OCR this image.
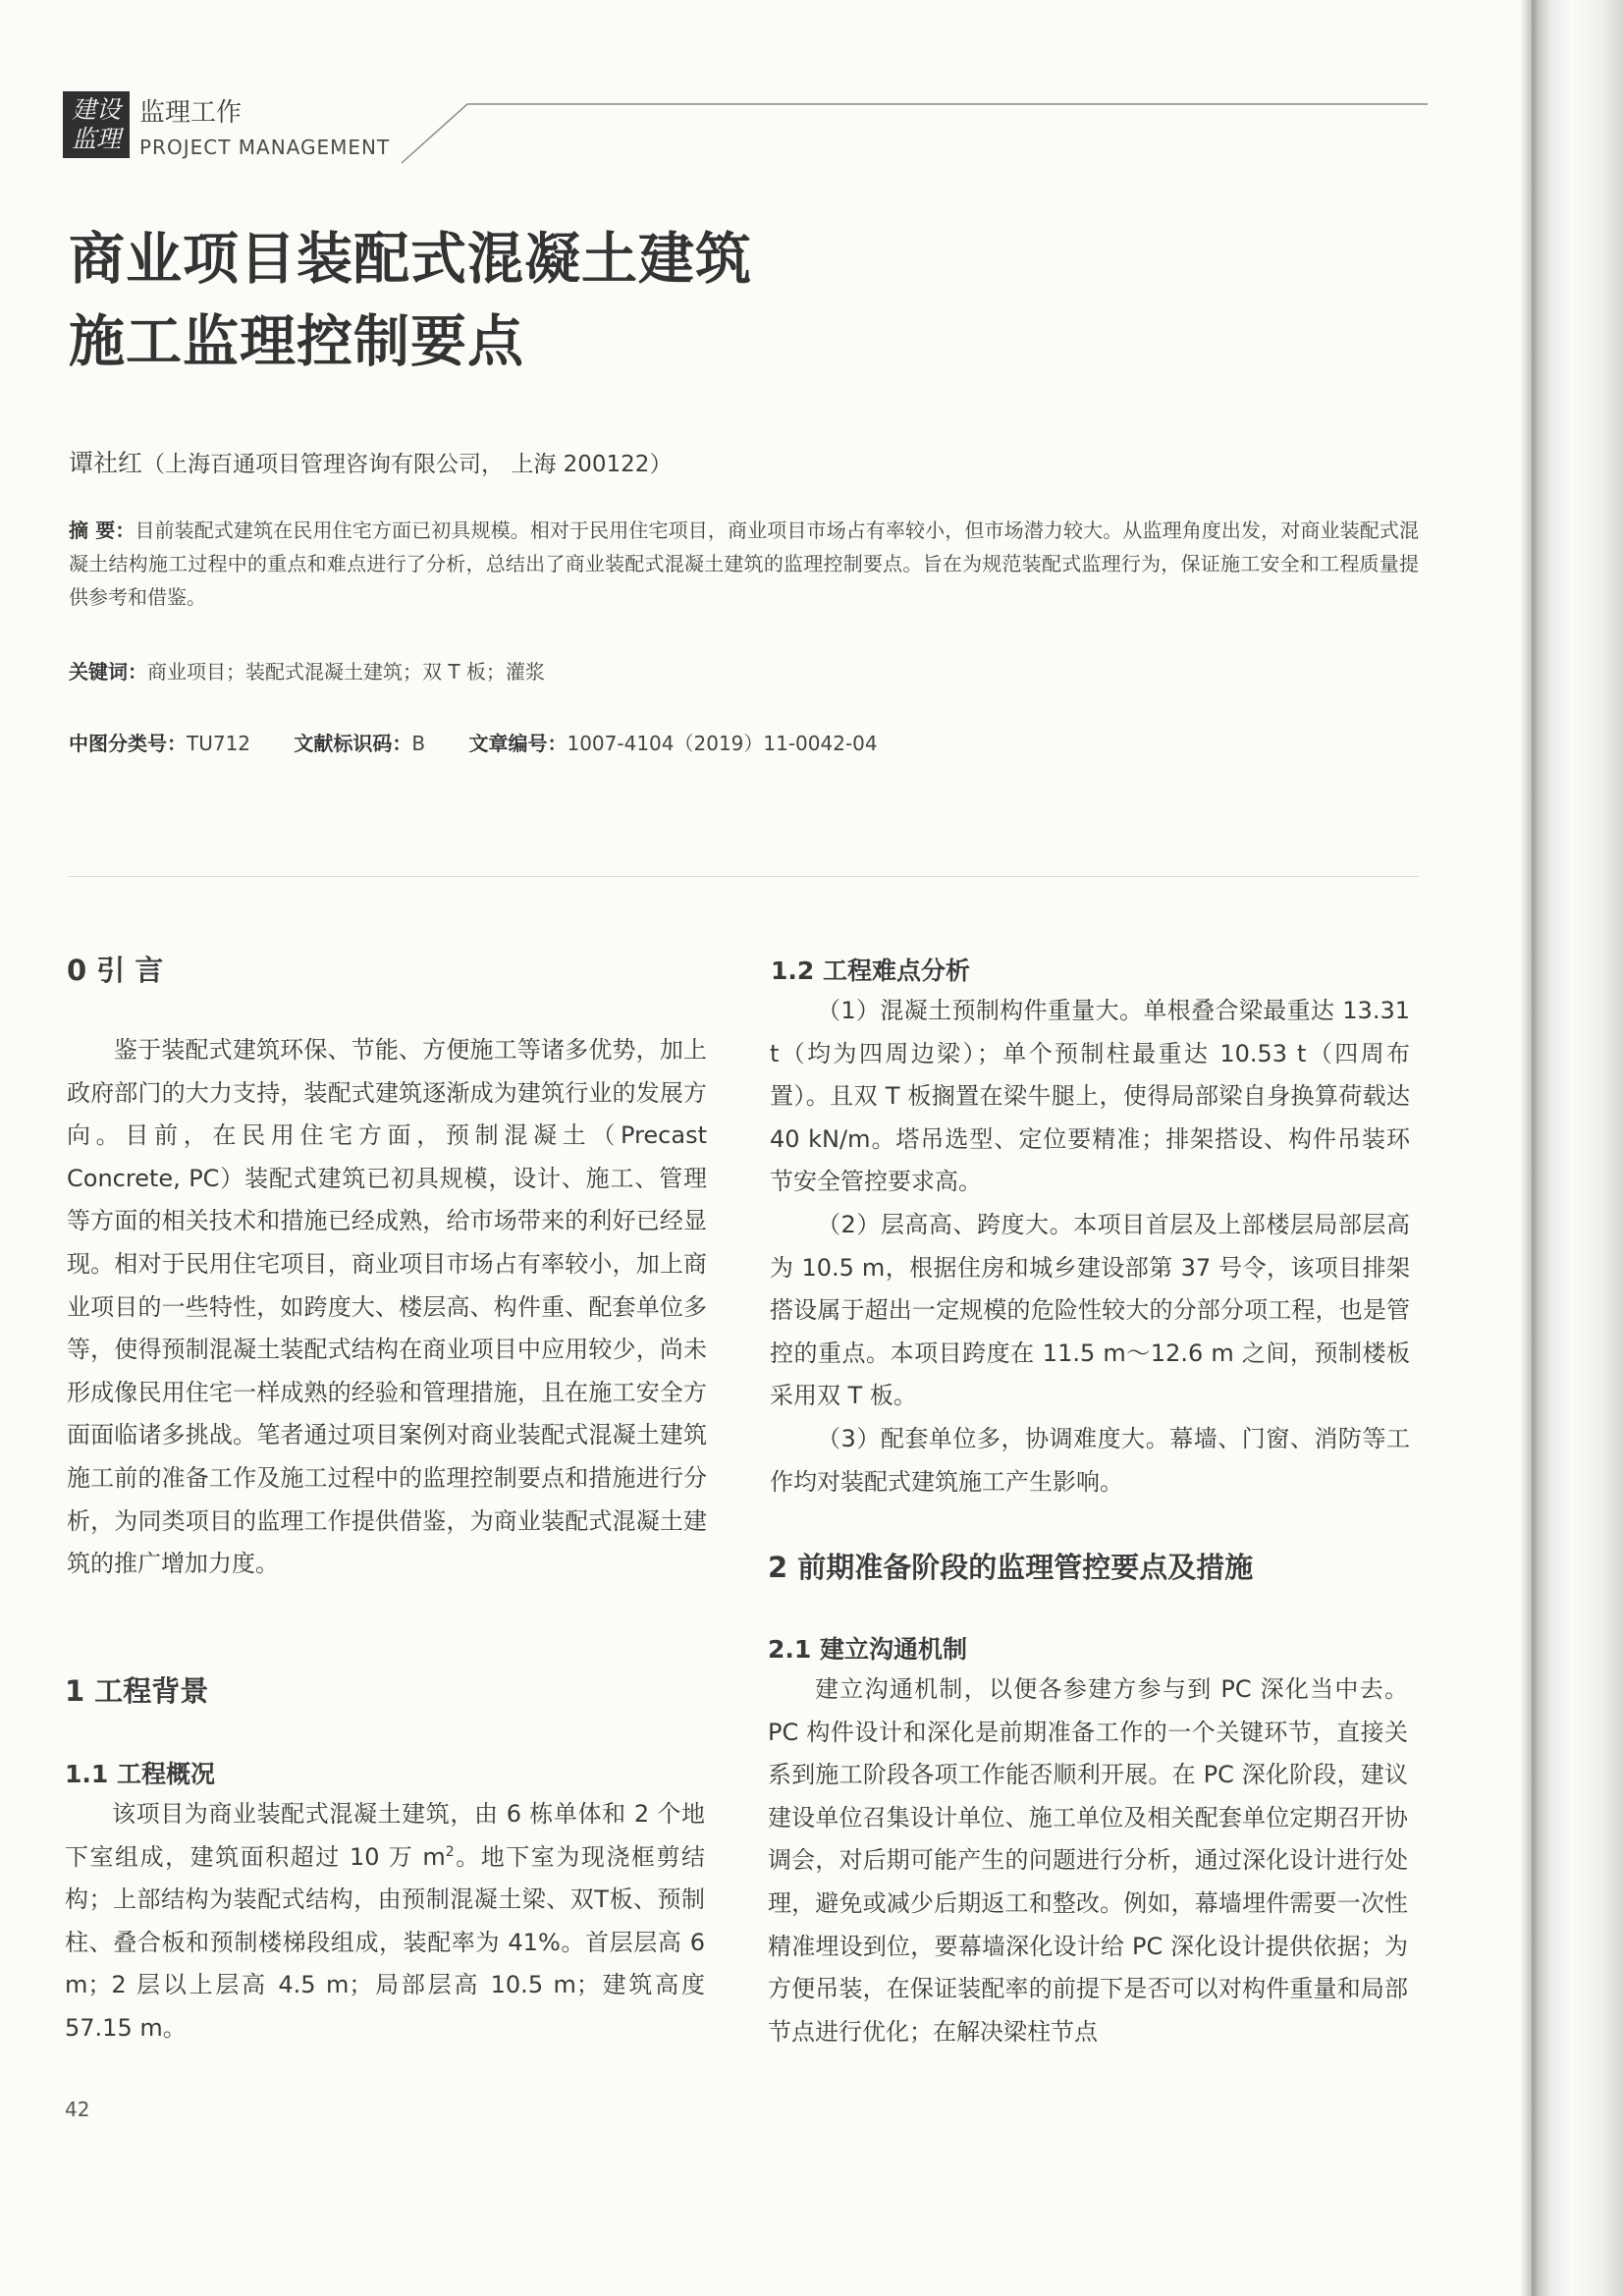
建设监理
监理工作
PROJECT MANAGEMENT
商业项目装配式混凝土建筑
施工监理控制要点
谭社红（上海百通项目管理咨询有限公司， 上海 200122）
摘 要：目前装配式建筑在民用住宅方面已初具规模。相对于民用住宅项目，商业项目市场占有率较小，但市场潜力较大。从监理角度出发，对商业装配式混凝土结构施工过程中的重点和难点进行了分析，总结出了商业装配式混凝土建筑的监理控制要点。旨在为规范装配式监理行为，保证施工安全和工程质量提供参考和借鉴。
关键词：商业项目；装配式混凝土建筑；双 T 板；灌浆
中图分类号：TU712 文献标识码：B 文章编号：1007-4104（2019）11-0042-04
0 引 言

鉴于装配式建筑环保、节能、方便施工等诸多优势，加上政府部门的大力支持，装配式建筑逐渐成为建筑行业的发展方向。目前，在民用住宅方面，预制混凝土（Precast Concrete, PC）装配式建筑已初具规模，设计、施工、管理等方面的相关技术和措施已经成熟，给市场带来的利好已经显现。相对于民用住宅项目，商业项目市场占有率较小，加上商业项目的一些特性，如跨度大、楼层高、构件重、配套单位多等，使得预制混凝土装配式结构在商业项目中应用较少，尚未形成像民用住宅一样成熟的经验和管理措施，且在施工安全方面面临诸多挑战。笔者通过项目案例对商业装配式混凝土建筑施工前的准备工作及施工过程中的监理控制要点和措施进行分析，为同类项目的监理工作提供借鉴，为商业装配式混凝土建筑的推广增加力度。

1 工程背景
1.1 工程概况

该项目为商业装配式混凝土建筑，由 6 栋单体和 2 个地下室组成，建筑面积超过 10 万 $m^2$。地下室为现浇框剪结构；上部结构为装配式结构，由预制混凝土梁、双T板、预制柱、叠合板和预制楼梯段组成，装配率为 41%。首层层高 6 m；2 层以上层高 4.5 m；局部层高 10.5 m；建筑高度 57.15 m。

1.2 工程难点分析

（1）混凝土预制构件重量大。单根叠合梁最重达 13.31 t（均为四周边梁）；单个预制柱最重达 10.53 t（四周布置）。且双 T 板搁置在梁牛腿上，使得局部梁自身换算荷载达 40 kN/m。塔吊选型、定位要精准；排架搭设、构件吊装环节安全管控要求高。

（2）层高高、跨度大。本项目首层及上部楼层局部层高为 10.5 m，根据住房和城乡建设部第 37 号令，该项目排架搭设属于超出一定规模的危险性较大的分部分项工程，也是管控的重点。本项目跨度在 11.5 m～12.6 m 之间，预制楼板采用双 T 板。

（3）配套单位多，协调难度大。幕墙、门窗、消防等工作均对装配式建筑施工产生影响。

2 前期准备阶段的监理管控要点及措施
2.1 建立沟通机制

建立沟通机制，以便各参建方参与到 PC 深化当中去。PC 构件设计和深化是前期准备工作的一个关键环节，直接关系到施工阶段各项工作能否顺利开展。在 PC 深化阶段，建议建设单位召集设计单位、施工单位及相关配套单位定期召开协调会，对后期可能产生的问题进行分析，通过深化设计进行处理，避免或减少后期返工和整改。例如，幕墙埋件需要一次性精准埋设到位，要幕墙深化设计给 PC 深化设计提供依据；为方便吊装，在保证装配率的前提下是否可以对构件重量和局部节点进行优化；在解决梁柱节点

42
